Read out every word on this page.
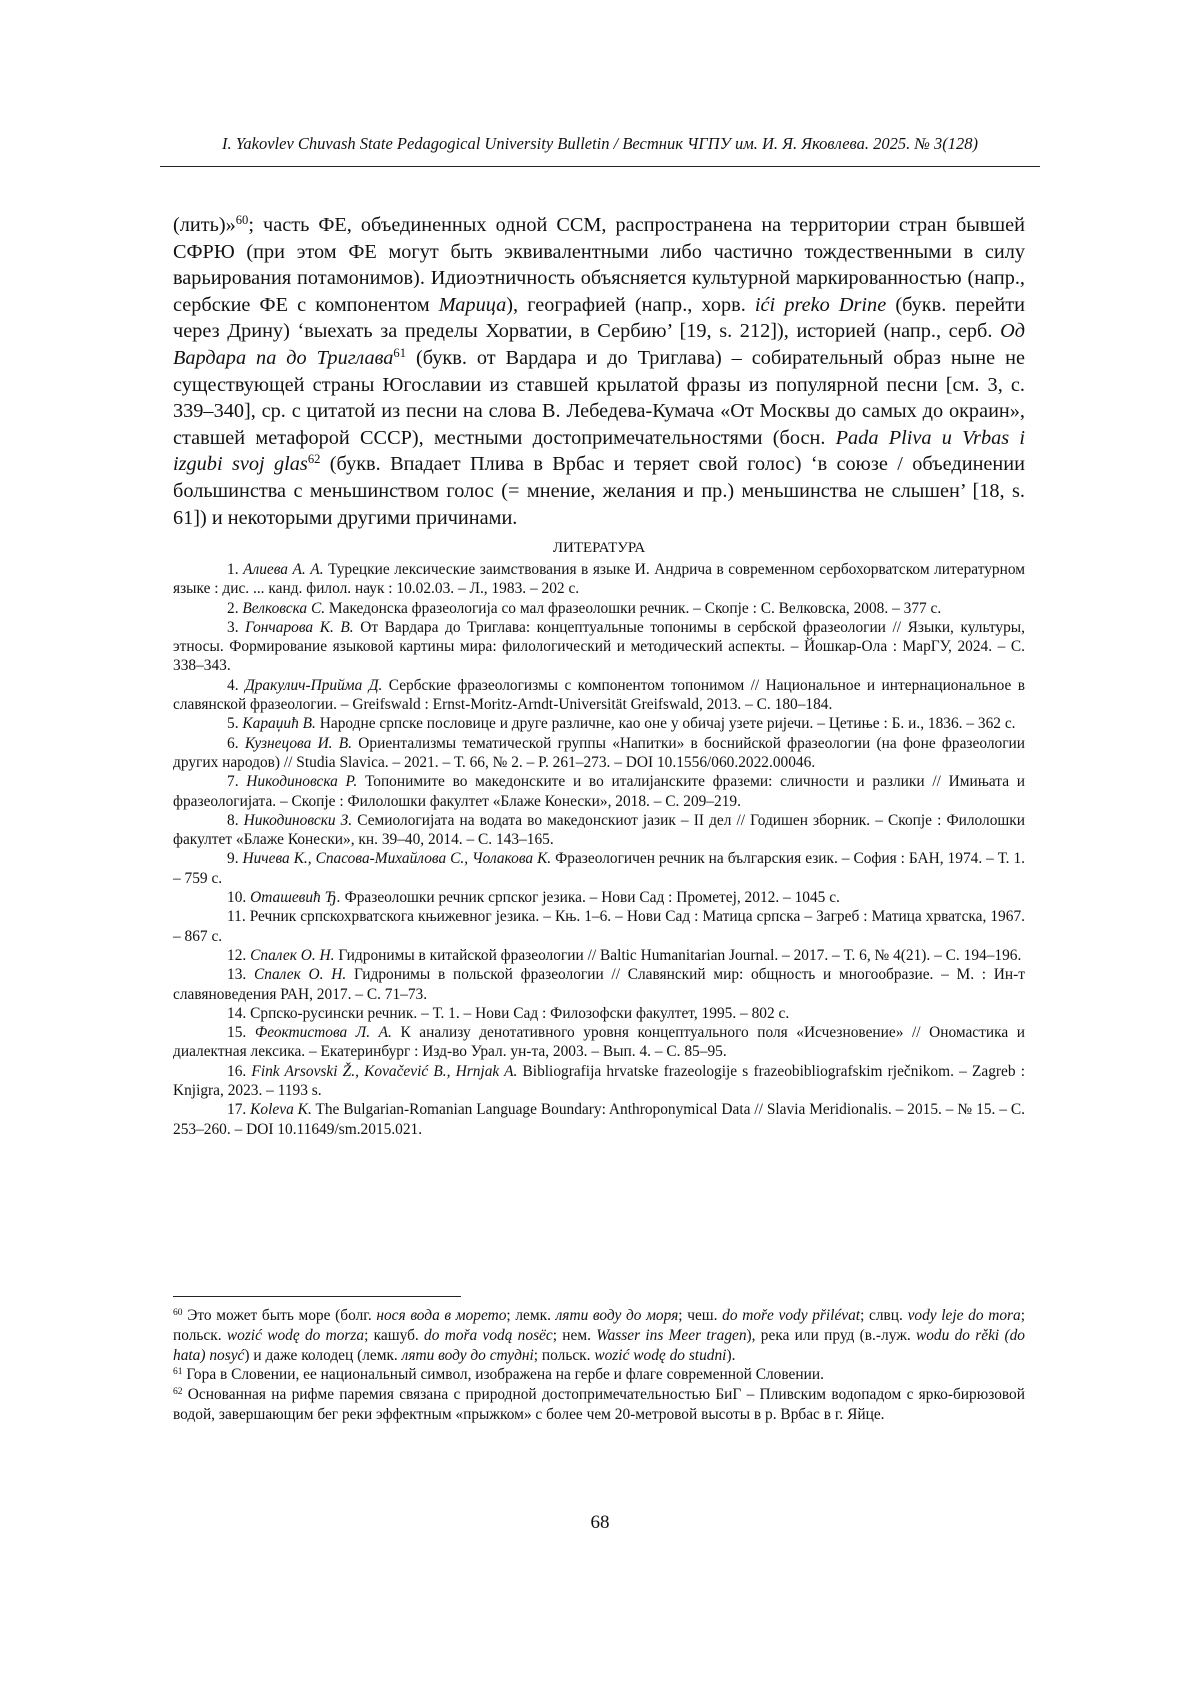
I. Yakovlev Chuvash State Pedagogical University Bulletin / Вестник ЧГПУ им. И. Я. Яковлева. 2025. № 3(128)

(лить)»$^{60}$; часть ФЕ, объединенных одной ССМ, распространена на территории стран бывшей СФРЮ (при этом ФЕ могут быть эквивалентными либо частично тождественными в силу варьирования потамонимов). Идиоэтничность объясняется культурной маркированностью (напр., сербские ФЕ с компонентом Марица), географией (напр., хорв. ići preko Drine (букв. перейти через Дрину) ‘выехать за пределы Хорватии, в Сербию’ [19, s. 212]), историей (напр., серб. Од Вардара па до Триглава$^{61}$ (букв. от Вардара и до Триглава) – собирательный образ ныне не существующей страны Югославии из ставшей крылатой фразы из популярной песни [см. 3, с. 339–340], ср. с цитатой из песни на слова В. Лебедева-Кумача «От Москвы до самых до окраин», ставшей метафорой СССР), местными достопримечательностями (босн. Pada Pliva u Vrbas i izgubi svoj glas$^{62}$ (букв. Впадает Плива в Врбас и теряет свой голос) ‘в союзе / объединении большинства с меньшинством голос (= мнение, желания и пр.) меньшинства не слышен’ [18, s. 61]) и некоторыми другими причинами.

ЛИТЕРАТУРА

1. Алиева А. А. Турецкие лексические заимствования в языке И. Андрича в современном сербохорватском литературном языке : дис. ... канд. филол. наук : 10.02.03. – Л., 1983. – 202 с.

2. Велковска С. Македонска фразеологија со мал фразеолошки речник. – Скопје : С. Велковска, 2008. – 377 с.

3. Гончарова К. В. От Вардара до Триглава: концептуальные топонимы в сербской фразеологии // Языки, культуры, этносы. Формирование языковой картины мира: филологический и методический аспекты. – Йошкар-Ола : МарГУ, 2024. – С. 338–343.

4. Дракулич-Прийма Д. Сербские фразеологизмы с компонентом топонимом // Национальное и интернациональное в славянской фразеологии. – Greifswald : Ernst-Moritz-Arndt-Universität Greifswald, 2013. – С. 180–184.

5. Караџић В. Народне српске пословице и друге различне, као оне у обичај узете ријечи. – Цетиње : Б. и., 1836. – 362 с.

6. Кузнецова И. В. Ориентализмы тематической группы «Напитки» в боснийской фразеологии (на фоне фразеологии других народов) // Studia Slavica. – 2021. – Т. 66, № 2. – P. 261–273. – DOI 10.1556/060.2022.00046.

7. Никодиновска Р. Топонимите во македонските и во италијанските фраземи: сличности и разлики // Имињата и фразеологијата. – Скопје : Филолошки факултет «Блаже Конески», 2018. – С. 209–219.

8. Никодиновски З. Семиологијата на водата во македонскиот јазик – II дел // Годишен зборник. – Скопје : Филолошки факултет «Блаже Конески», кн. 39–40, 2014. – С. 143–165.

9. Ничева К., Спасова-Михайлова С., Чолакова К. Фразеологичен речник на българския език. – София : БАН, 1974. – Т. 1. – 759 с.

10. Оташевић Ђ. Фразеолошки речник српског језика. – Нови Сад : Прометеј, 2012. – 1045 с.

11. Речник српскохрватскога књижевног језика. – Књ. 1–6. – Нови Сад : Матица српска – Загреб : Матица хрватска, 1967. – 867 с.

12. Спалек О. Н. Гидронимы в китайской фразеологии // Baltic Humanitarian Journal. – 2017. – Т. 6, № 4(21). – С. 194–196.

13. Спалек О. Н. Гидронимы в польской фразеологии // Славянский мир: общность и многообразие. – М. : Ин-т славяноведения РАН, 2017. – С. 71–73.

14. Српско-русински речник. – Т. 1. – Нови Сад : Филозофски факултет, 1995. – 802 с.

15. Феоктистова Л. А. К анализу денотативного уровня концептуального поля «Исчезновение» // Ономастика и диалектная лексика. – Екатеринбург : Изд-во Урал. ун-та, 2003. – Вып. 4. – С. 85–95.

16. Fink Arsovski Ž., Kovačević B., Hrnjak A. Bibliografija hrvatske frazeologije s frazeobibliografskim rječnikom. – Zagreb : Knjigra, 2023. – 1193 s.

17. Koleva K. The Bulgarian-Romanian Language Boundary: Anthroponymical Data // Slavia Meridionalis. – 2015. – № 15. – С. 253–260. – DOI 10.11649/sm.2015.021.

$^{60}$ Это может быть море (болг. нося вода в морето; лемк. ляти воду до моря; чеш. do moře vody přilévat; слвц. vody leje do mora; польск. wozić wodę do morza; кашуб. do mořa vodą nosëc; нем. Wasser ins Meer tragen), река или пруд (в.-луж. wodu do rěki (do hata) nosyć) и даже колодец (лемк. ляти воду до студні; польск. wozić wodę do studni).

$^{61}$ Гора в Словении, ее национальный символ, изображена на гербе и флаге современной Словении.

$^{62}$ Основанная на рифме паремия связана с природной достопримечательностью БиГ – Пливским водопадом с ярко-бирюзовой водой, завершающим бег реки эффектным «прыжком» с более чем 20-метровой высоты в р. Врбас в г. Яйце.

68
